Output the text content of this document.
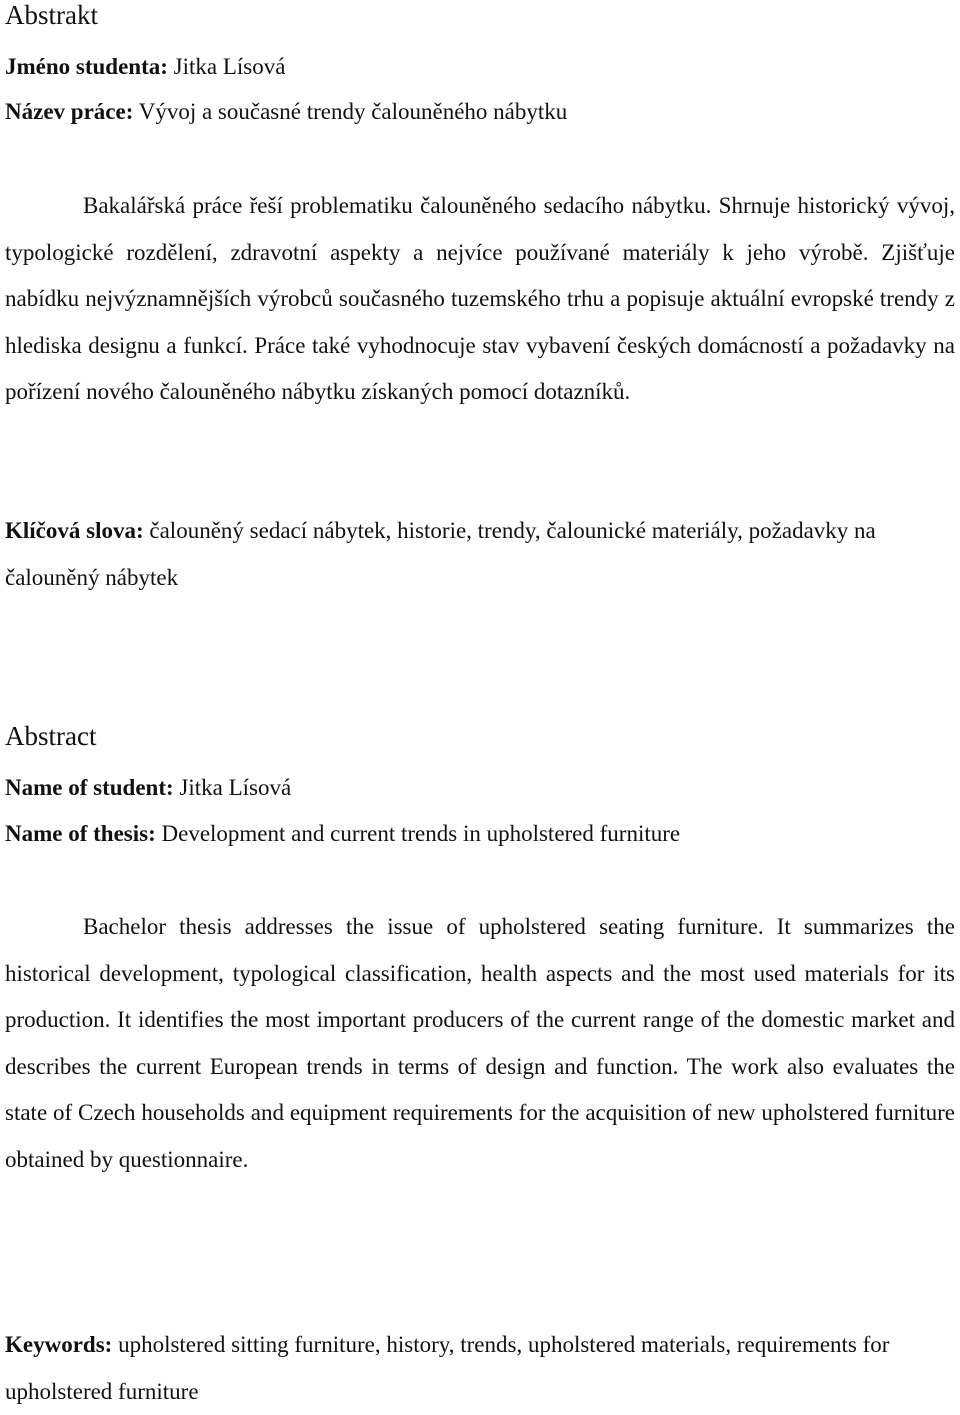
Abstrakt
Jméno studenta: Jitka Lísová
Název práce: Vývoj a současné trendy čalouněného nábytku
Bakalářská práce řeší problematiku čalouněného sedacího nábytku. Shrnuje historický vývoj, typologické rozdělení, zdravotní aspekty a nejvíce používané materiály k jeho výrobě. Zjišťuje nabídku nejvýznamnějších výrobců současného tuzemského trhu a popisuje aktuální evropské trendy z hlediska designu a funkcí. Práce také vyhodnocuje stav vybavení českých domácností a požadavky na pořízení nového čalouněného nábytku získaných pomocí dotazníků.
Klíčová slova: čalouněný sedací nábytek, historie, trendy, čalounické materiály, požadavky na čalouněný nábytek
Abstract
Name of student: Jitka Lísová
Name of thesis: Development and current trends in upholstered furniture
Bachelor thesis addresses the issue of upholstered seating furniture. It summarizes the historical development, typological classification, health aspects and the most used materials for its production. It identifies the most important producers of the current range of the domestic market and describes the current European trends in terms of design and function. The work also evaluates the state of Czech households and equipment requirements for the acquisition of new upholstered furniture obtained by questionnaire.
Keywords: upholstered sitting furniture, history, trends, upholstered materials, requirements for upholstered furniture
